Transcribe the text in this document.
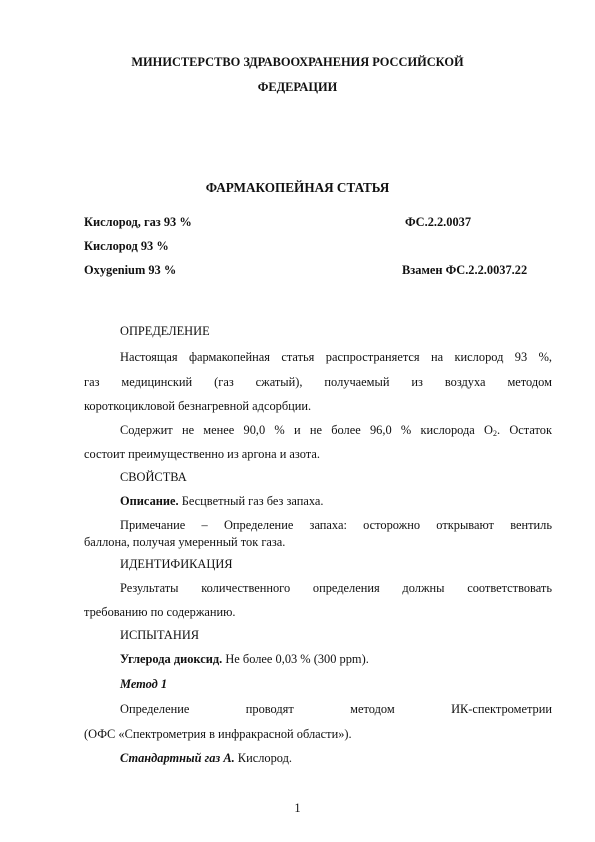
МИНИСТЕРСТВО ЗДРАВООХРАНЕНИЯ РОССИЙСКОЙ
ФЕДЕРАЦИИ
ФАРМАКОПЕЙНАЯ СТАТЬЯ
Кислород, газ 93 %	ФС.2.2.0037
Кислород 93 %
Oxygenium 93 %	Взамен ФС.2.2.0037.22
ОПРЕДЕЛЕНИЕ
Настоящая фармакопейная статья распространяется на кислород 93 %,
газ медицинский (газ сжатый), получаемый из воздуха методом
короткоцикловой безнагревной адсорбции.
Содержит не менее 90,0 % и не более 96,0 % кислорода $O_2$. Остаток
состоит преимущественно из аргона и азота.
СВОЙСТВА
Описание. Бесцветный газ без запаха.
Примечание – Определение запаха: осторожно открывают вентиль
баллона, получая умеренный ток газа.
ИДЕНТИФИКАЦИЯ
Результаты количественного определения должны соответствовать
требованию по содержанию.
ИСПЫТАНИЯ
Углерода диоксид. Не более 0,03 % (300 ppm).
Метод 1
Определение проводят методом ИК-спектрометрии
(ОФС «Спектрометрия в инфракрасной области»).
Стандартный газ А. Кислород.
1
